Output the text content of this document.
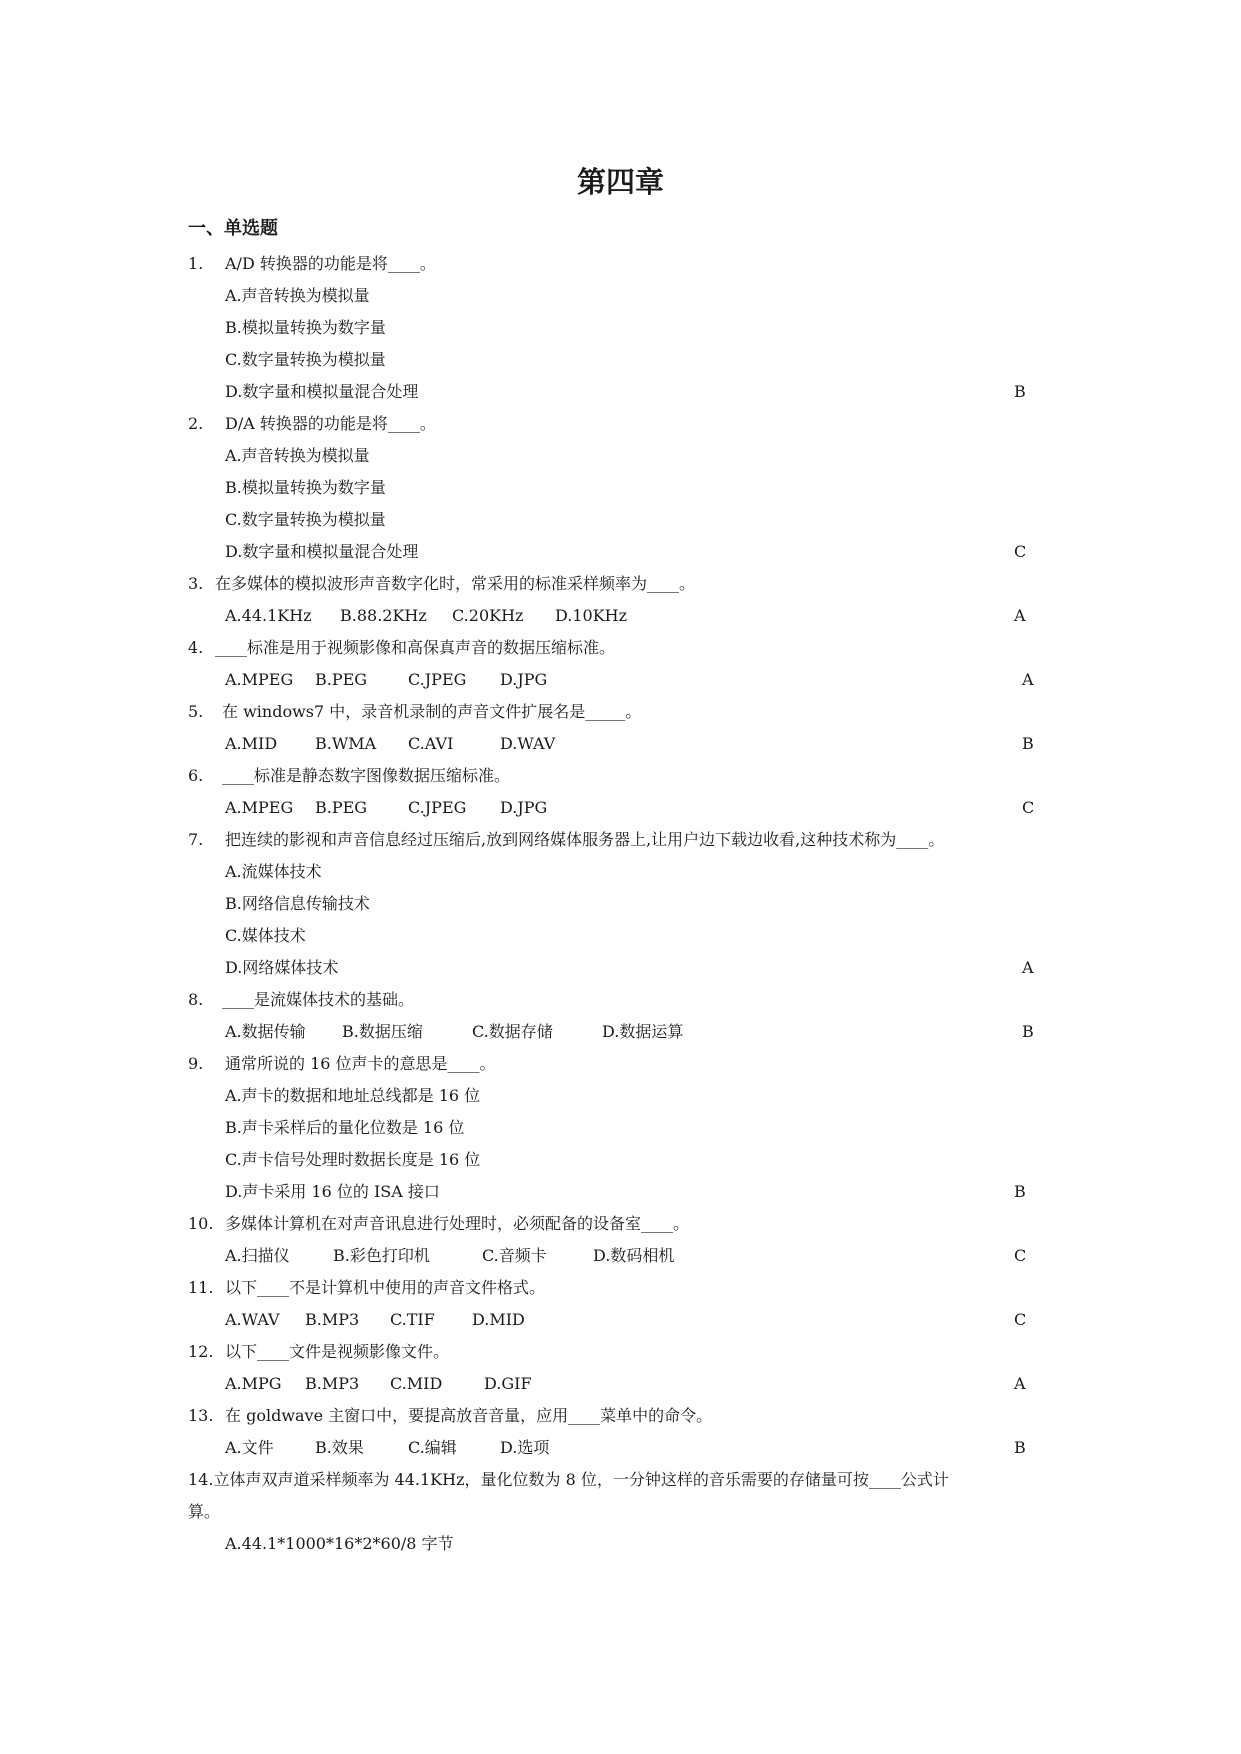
第四章
一、单选题
1. A/D 转换器的功能是将____。
A.声音转换为模拟量
B.模拟量转换为数字量
C.数字量转换为模拟量
D.数字量和模拟量混合处理	B
2. D/A 转换器的功能是将____。
A.声音转换为模拟量
B.模拟量转换为数字量
C.数字量转换为模拟量
D.数字量和模拟量混合处理	C
3. 在多媒体的模拟波形声音数字化时，常采用的标准采样频率为____。
A.44.1KHz B.88.2KHz C.20KHz D.10KHz	A
4. ____标准是用于视频影像和高保真声音的数据压缩标准。
A.MPEG B.PEG	C.JPEG D.JPG	A
5. 在 windows7 中，录音机录制的声音文件扩展名是_____。
A.MID B.WMA C.AVI	D.WAV	B
6. ____标准是静态数字图像数据压缩标准。
A.MPEG B.PEG	C.JPEG D.JPG	C
7. 把连续的影视和声音信息经过压缩后,放到网络媒体服务器上,让用户边下载边收看,这种技术称为____。
A.流媒体技术
B.网络信息传输技术
C.媒体技术
D.网络媒体技术	A
8. ____是流媒体技术的基础。
A.数据传输 B.数据压缩	C.数据存储	D.数据运算	B
9. 通常所说的 16 位声卡的意思是____。
A.声卡的数据和地址总线都是 16 位
B.声卡采样后的量化位数是 16 位
C.声卡信号处理时数据长度是 16 位
D.声卡采用 16 位的 ISA 接口	B
10. 多媒体计算机在对声音讯息进行处理时，必须配备的设备室____。
A.扫描仪	B.彩色打印机	C.音频卡	D.数码相机	C
11. 以下____不是计算机中使用的声音文件格式。
A.WAV B.MP3 C.TIF D.MID	C
12. 以下____文件是视频影像文件。
A.MPG B.MP3 C.MID	D.GIF	A
13. 在 goldwave 主窗口中，要提高放音音量，应用____菜单中的命令。
A.文件	B.效果	C.编辑	D.选项	B
14.立体声双声道采样频率为 44.1KHz，量化位数为 8 位，一分钟这样的音乐需要的存储量可按____公式计
算。
A.44.1*1000*16*2*60/8 字节
